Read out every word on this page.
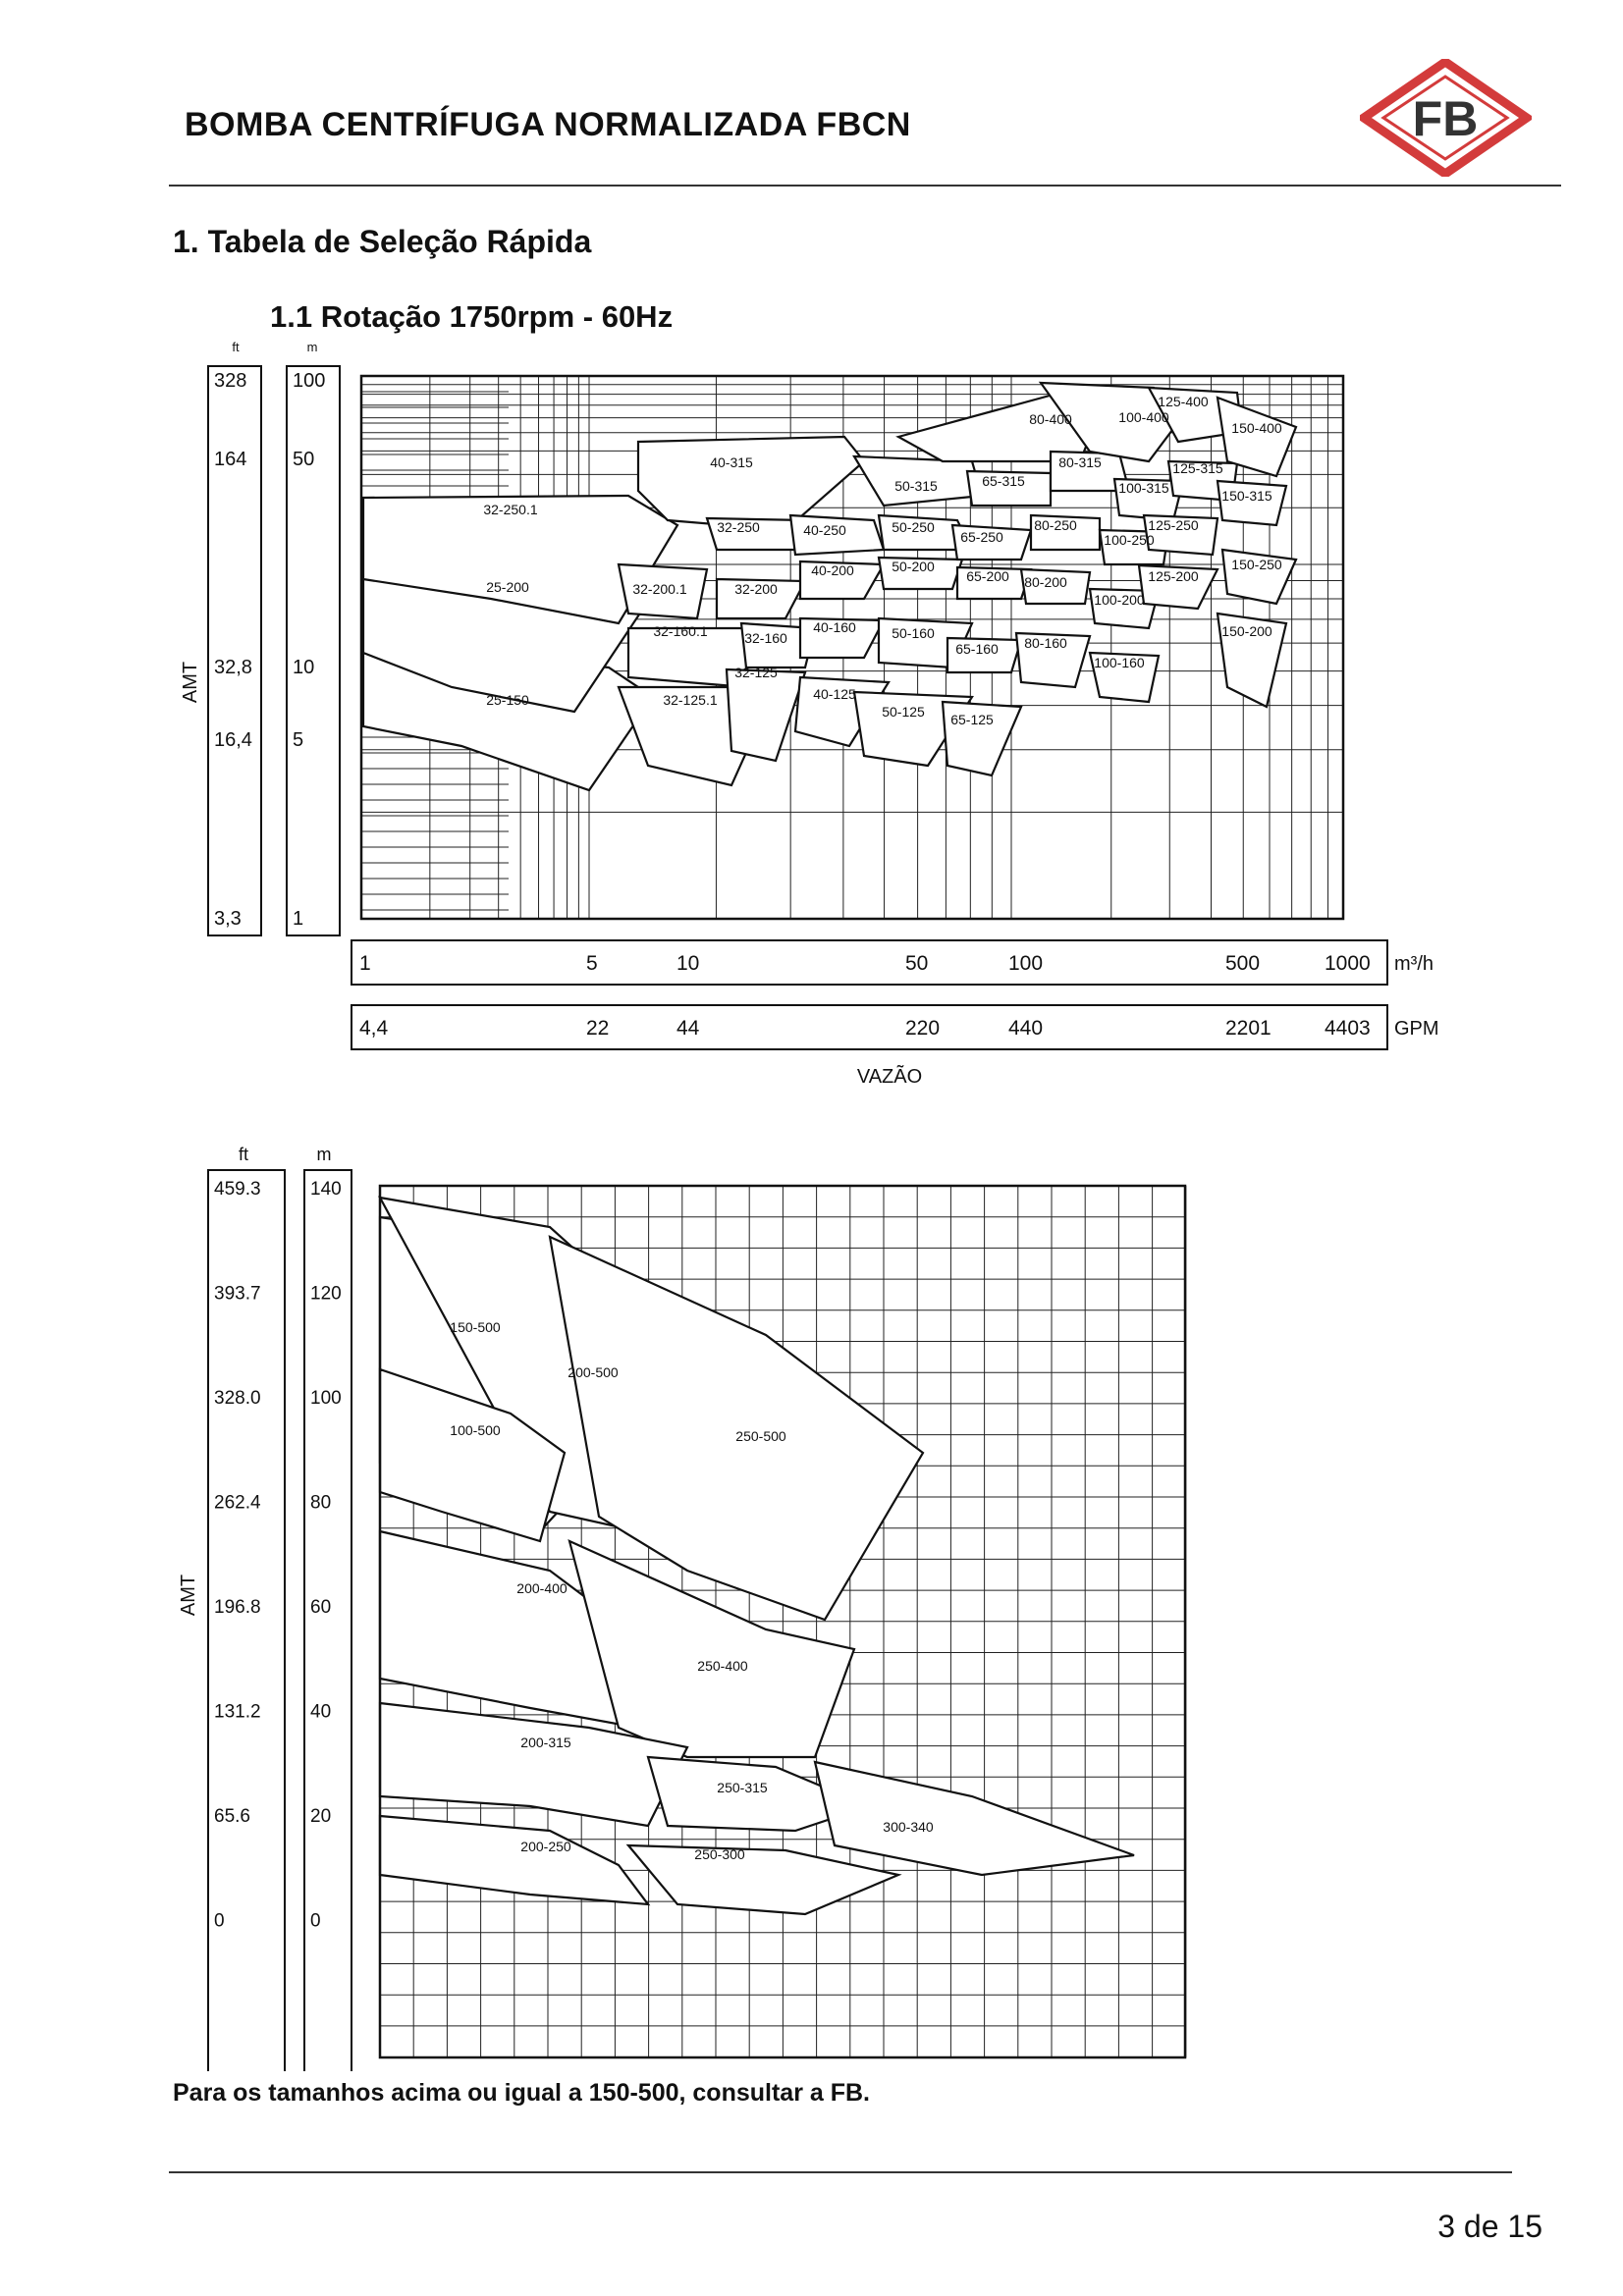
BOMBA CENTRÍFUGA NORMALIZADA FBCN	FB
1. Tabela de Seleção Rápida
1.1 Rotação 1750rpm - 60Hz
ft	m
328
164
32,8
16,4
3,3
100
50
10
5
1
AMT	25-150
25-200
32-250.1
32-200.1
32-160.1
32-125.1
40-315
32-250
32-200
32-160
32-125
40-250
40-200
40-160
40-125
50-315
50-250
50-200
50-160
50-125
65-315
65-250
65-200
65-160
65-125
80-400
80-315
80-250
80-200
80-160
100-400
100-315
100-250
100-200
100-160
125-400
125-315
125-250
125-200
150-400
150-315
150-250
150-200
1	5	10	50	100	500	1000
4,4	22	44	220	440	2201	4403
m³/h
GPM
VAZÃO
ft	m
459.3
393.7
328.0
262.4
196.8
131.2
65.6
0
140
120
100
80
60
40
20
0
AMT
150-500
200-500
100-500	250-500
200-400
250-400
200-315
250-315
300-340
200-250	250-300
Para os tamanhos acima ou igual a 150-500, consultar a FB.
3 de 15
